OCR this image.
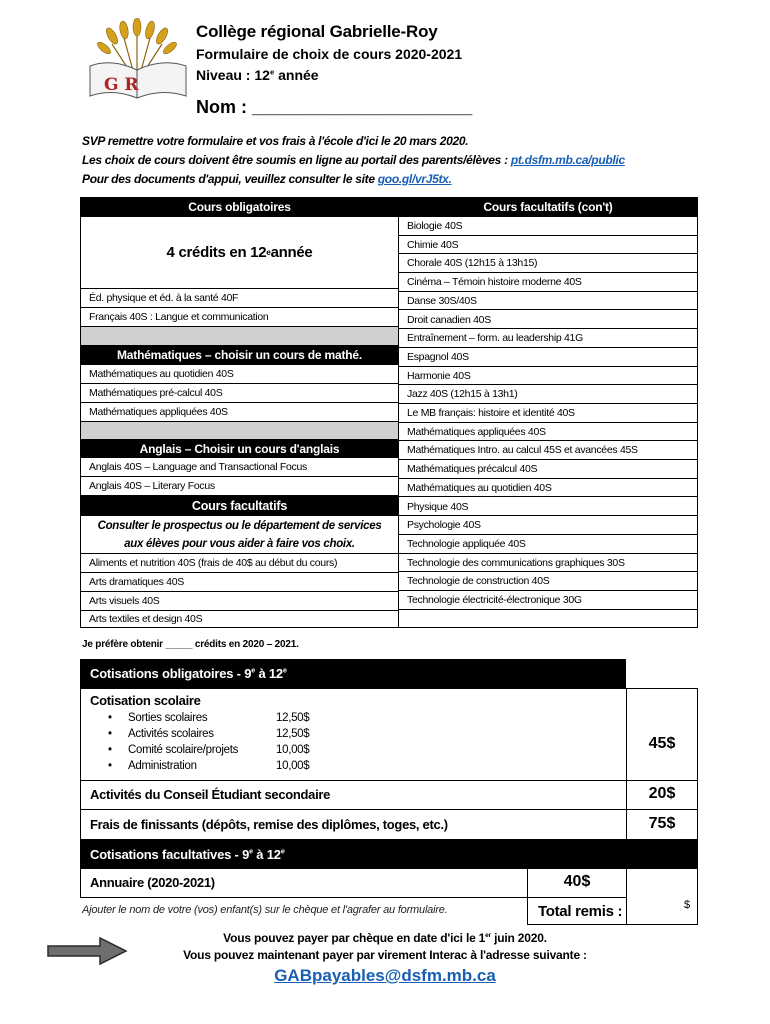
G R
Collège régional Gabrielle-Roy
Formulaire de choix de cours 2020-2021
Niveau : 12e année
Nom : ______________________
SVP remettre votre formulaire et vos frais à l'école d'ici le 20 mars 2020.
Les choix de cours doivent être soumis en ligne au portail des parents/élèves : pt.dsfm.mb.ca/public
Pour des documents d'appui, veuillez consulter le site goo.gl/vrJ5tx.
Cours obligatoires
4 crédits en 12 e année
Éd. physique et éd. à la santé 40F
Français 40S : Langue et communication
Mathématiques – choisir un cours de mathé.
Mathématiques au quotidien 40S
Mathématiques pré-calcul 40S
Mathématiques appliquées 40S
Anglais – Choisir un cours d'anglais
Anglais 40S – Language and Transactional Focus
Anglais 40S – Literary Focus
Cours facultatifs
Consulter le prospectus ou le département de services
aux élèves pour vous aider à faire vos choix.
Aliments et nutrition 40S (frais de 40$ au début du cours)
Arts dramatiques 40S
Arts visuels 40S
Arts textiles et design 40S
Cours facultatifs (con't)
Biologie 40S
Chimie 40S
Chorale 40S (12h15 à 13h15)
Cinéma – Témoin histoire moderne 40S
Danse 30S/40S
Droit canadien 40S
Entraînement – form. au leadership 41G
Espagnol 40S
Harmonie 40S
Jazz 40S (12h15 à 13h1)
Le MB français: histoire et identité 40S
Mathématiques appliquées 40S
Mathématiques Intro. au calcul 45S et avancées 45S
Mathématiques précalcul 40S
Mathématiques au quotidien 40S
Physique 40S
Psychologie 40S
Technologie appliquée 40S
Technologie des communications graphiques 30S
Technologie de construction 40S
Technologie électricité-électronique 30G
Je préfère obtenir _____ crédits en 2020 – 2021.
Cotisations obligatoires - 9e à 12e
Cotisation scolaire
• Sorties scolaires	12,50$
• Activités scolaires	12,50$
• Comité scolaire/projets	10,00$
• Administration	10,00$
45$
Activités du Conseil Étudiant secondaire	20$
Frais de finissants (dépôts, remise des diplômes, toges, etc.)	75$
Cotisations facultatives - 9e à 12e
Annuaire (2020-2021)	40$
Total remis :	$
Ajouter le nom de votre (vos) enfant(s) sur le chèque et l'agrafer au formulaire.
Vous pouvez payer par chèque en date d'ici le 1er juin 2020.
Vous pouvez maintenant payer par virement Interac à l'adresse suivante :
GABpayables@dsfm.mb.ca
